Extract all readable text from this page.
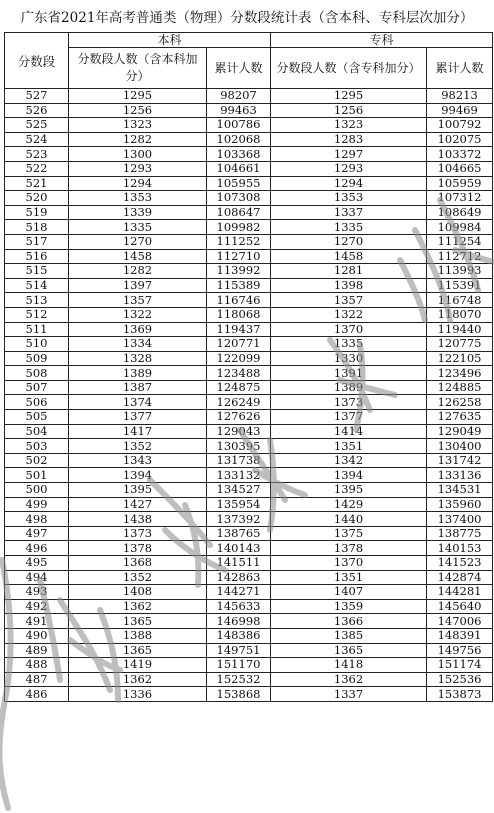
广东省2021年高考普通类（物理）分数段统计表（含本科、专科层次加分）
分数段	本科		专科	
	分数段人数（含本科加分）	累计人数	分数段人数（含专科加分）	累计人数
527	1295	98207	1295	98213
526	1256	99463	1256	99469
525	1323	100786	1323	100792
524	1282	102068	1283	102075
523	1300	103368	1297	103372
522	1293	104661	1293	104665
521	1294	105955	1294	105959
520	1353	107308	1353	107312
519	1339	108647	1337	108649
518	1335	109982	1335	109984
517	1270	111252	1270	111254
516	1458	112710	1458	112712
515	1282	113992	1281	113993
514	1397	115389	1398	115391
513	1357	116746	1357	116748
512	1322	118068	1322	118070
511	1369	119437	1370	119440
510	1334	120771	1335	120775
509	1328	122099	1330	122105
508	1389	123488	1391	123496
507	1387	124875	1389	124885
506	1374	126249	1373	126258
505	1377	127626	1377	127635
504	1417	129043	1414	129049
503	1352	130395	1351	130400
502	1343	131738	1342	131742
501	1394	133132	1394	133136
500	1395	134527	1395	134531
499	1427	135954	1429	135960
498	1438	137392	1440	137400
497	1373	138765	1375	138775
496	1378	140143	1378	140153
495	1368	141511	1370	141523
494	1352	142863	1351	142874
493	1408	144271	1407	144281
492	1362	145633	1359	145640
491	1365	146998	1366	147006
490	1388	148386	1385	148391
489	1365	149751	1365	149756
488	1419	151170	1418	151174
487	1362	152532	1362	152536
486	1336	153868	1337	153873
